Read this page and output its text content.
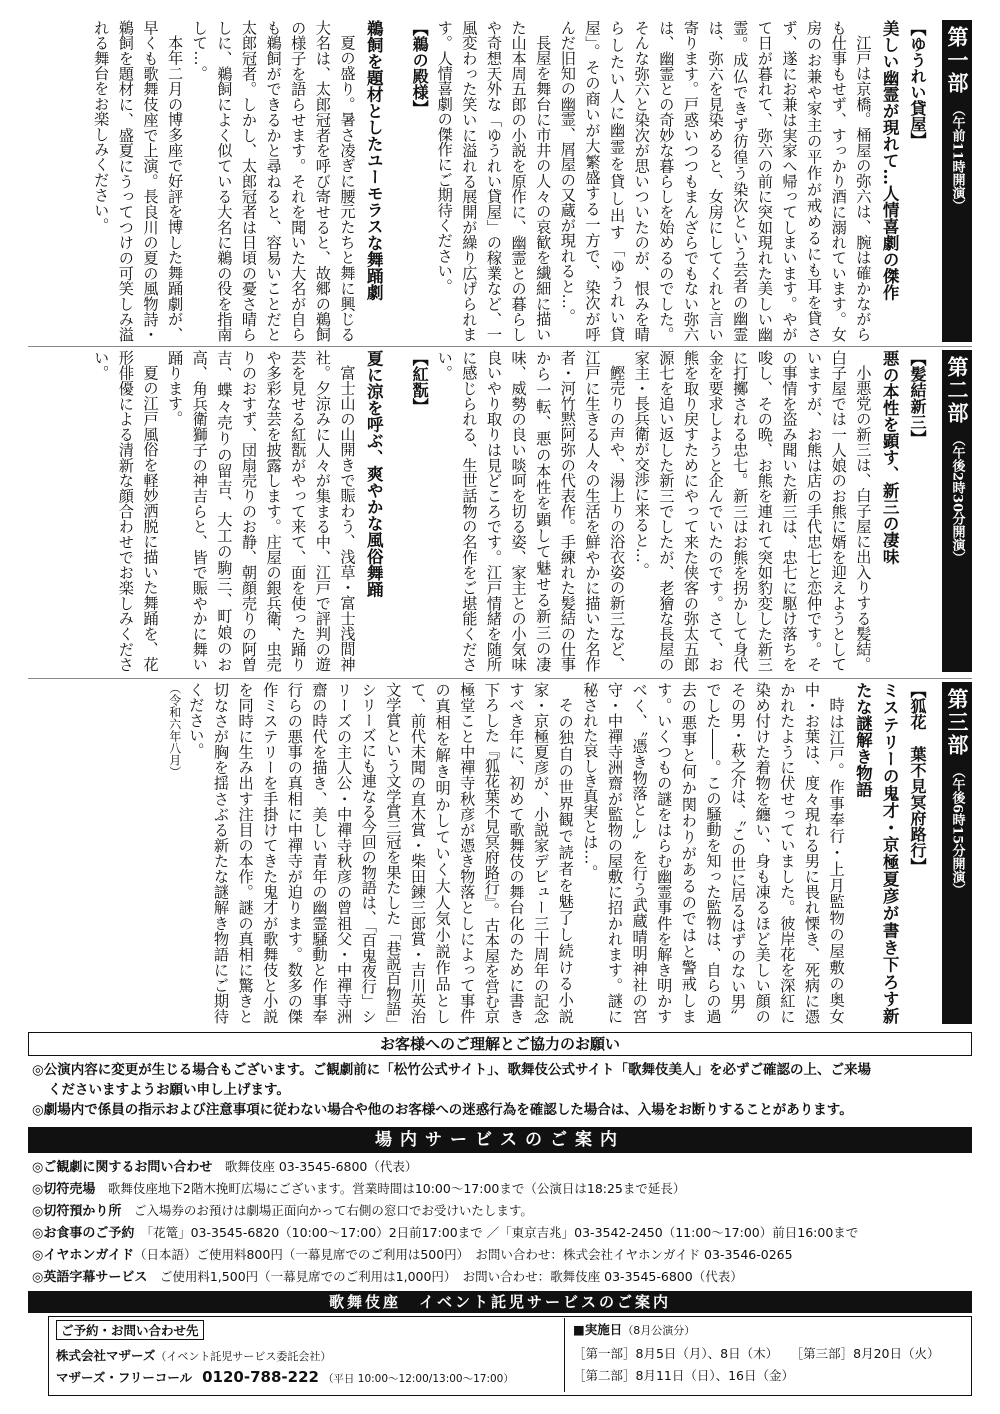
第一部
（午前11時開演）

【ゆうれい貸屋】

美しい幽霊が現れて…人情喜劇の傑作

江戸は京橋。桶屋の弥六は、腕は確かながらも仕事もせず、すっかり酒に溺れています。女房のお兼や家主の平作が戒めるにも耳を貸さず、遂にお兼は実家へ帰ってしまいます。やがて日が暮れて、弥六の前に突如現れた美しい幽霊。成仏できず彷徨う染次という芸者の幽霊は、弥六を見染めると、女房にしてくれと言い寄ります。戸惑いつつもまんざらでもない弥六は、幽霊との奇妙な暮らしを始めるのでした。そんな弥六と染次が思いついたのが、恨みを晴らしたい人に幽霊を貸し出す「ゆうれい貸屋」。その商いが大繁盛する一方で、染次が呼んだ旧知の幽霊、屑屋の又蔵が現れると…。

長屋を舞台に市井の人々の哀歓を繊細に描いた山本周五郎の小説を原作に、幽霊との暮らしや奇想天外な「ゆうれい貸屋」の稼業など、一風変わった笑いに溢れる展開が繰り広げられます。人情喜劇の傑作にご期待ください。

【鵜の殿様】

鵜飼を題材としたユーモラスな舞踊劇

夏の盛り。暑さ凌ぎに腰元たちと舞に興じる大名は、太郎冠者を呼び寄せると、故郷の鵜飼の様子を語らせます。それを聞いた大名が自らも鵜飼ができるかと尋ねると、容易いことだと太郎冠者。しかし、太郎冠者は日頃の憂さ晴らしに、鵜飼によく似ている大名に鵜の役を指南して…。

本年二月の博多座で好評を博した舞踊劇が、早くも歌舞伎座で上演。長良川の夏の風物詩・鵜飼を題材に、盛夏にうってつけの可笑しみ溢れる舞台をお楽しみください。

第二部
（午後2時30分開演）

【髪結新三】

悪の本性を顕す、新三の凄味

小悪党の新三は、白子屋に出入りする髪結。白子屋では一人娘のお熊に婿を迎えようとしていますが、お熊は店の手代忠七と恋仲です。その事情を盗み聞いた新三は、忠七に駆け落ちを唆し、その晩、お熊を連れて突如豹変した新三に打擲される忠七。新三はお熊を拐かして身代金を要求しようと企んでいたのです。さて、お熊を取り戻すためにやって来た侠客の弥太五郎源七を追い返した新三でしたが、老獪な長屋の家主・長兵衛が交渉に来ると…。

鰹売りの声や、湯上りの浴衣姿の新三など、江戸に生きる人々の生活を鮮やかに描いた名作者・河竹黙阿弥の代表作。手練れた髪結の仕事から一転、悪の本性を顕して魅せる新三の凄味、威勢の良い啖呵を切る姿、家主との小気味良いやり取りは見どころです。江戸情緒を随所に感じられる、生世話物の名作をご堪能ください。

【紅翫】

夏に涼を呼ぶ、爽やかな風俗舞踊

富士山の山開きで賑わう、浅草・富士浅間神社。夕涼みに人々が集まる中、江戸で評判の遊芸を見せる紅翫がやって来て、面を使った踊りや多彩な芸を披露します。庄屋の銀兵衛、虫売りのおすず、団扇売りのお静、朝顔売りの阿曽吉、蝶々売りの留吉、大工の駒三、町娘のお高、角兵衛獅子の神吉らと、皆で賑やかに舞い踊ります。

夏の江戸風俗を軽妙洒脱に描いた舞踊を、花形俳優による清新な顔合わせでお楽しみください。

第三部
（午後6時15分開演）

【狐花　葉不見冥府路行】

ミステリーの鬼才・京極夏彦が書き下ろす新たな謎解き物語

時は江戸。作事奉行・上月監物の屋敷の奥女中・お葉は、度々現れる男に畏れ慄き、死病に憑かれたように伏せっていました。彼岸花を深紅に染め付けた着物を纏い、身も凍るほど美しい顔のその男・萩之介は、〝この世に居るはずのない男〟でした――。この騒動を知った監物は、自らの過去の悪事と何か関わりがあるのではと警戒します。いくつもの謎をはらむ幽霊事件を解き明かすべく、〝憑き物落とし〟を行う武蔵晴明神社の宮守・中禪寺洲齋が監物の屋敷に招かれます。謎に秘された哀しき真実とは…。

その独自の世界観で読者を魅了し続ける小説家・京極夏彦が、小説家デビュー三十周年の記念すべき年に、初めて歌舞伎の舞台化のために書き下ろした『狐花葉不見冥府路行』。古本屋を営む京極堂こと中禪寺秋彦が憑き物落としによって事件の真相を解き明かしていく大人気小説作品として、前代未聞の直木賞・柴田錬三郎賞・吉川英治文学賞という文学賞三冠を果たした「巷説百物語」シリーズにも連なる今回の物語は、「百鬼夜行」シリーズの主人公・中禪寺秋彦の曾祖父・中禪寺洲齋の時代を描き、美しい青年の幽霊騒動と作事奉行らの悪事の真相に中禪寺が迫ります。数多の傑作ミステリーを手掛けてきた鬼才が歌舞伎と小説を同時に生み出す注目の本作。謎の真相に驚きと切なさが胸を揺さぶる新たな謎解き物語にご期待ください。

（令和六年八月）

お客様へのご理解とご協力のお願い
◎公演内容に変更が生じる場合もございます。ご観劇前に「松竹公式サイト」、歌舞伎公式サイト「歌舞伎美人」を必ずご確認の上、ご来場
くださいますようお願い申し上げます。
◎劇場内で係員の指示および注意事項に従わない場合や他のお客様への迷惑行為を確認した場合は、入場をお断りすることがあります。
場内サービスのご案内
◎ご観劇に関するお問い合わせ　 歌舞伎座 03-3545-6800（代表）
◎切符売場　 歌舞伎座地下2階木挽町広場にございます。営業時間は10:00～17:00まで（公演日は18:25まで延長）
◎切符預かり所　 ご入場券のお預けは劇場正面向かって右側の窓口でお受けいたします。
◎お食事のご予約　 「花篭」03-3545-6820（10:00～17:00）2日前17:00まで ／「東京吉兆」03-3542-2450（11:00～17:00）前日16:00まで
◎イヤホンガイド（日本語）ご使用料800円（一幕見席でのご利用は500円）　お問い合わせ：株式会社イヤホンガイド 03-3546-0265
◎英語字幕サービス　 ご使用料1,500円（一幕見席でのご利用は1,000円）　お問い合わせ：歌舞伎座 03-3545-6800（代表）
歌舞伎座　イベント託児サービスのご案内
ご予約・お問い合わせ先
株式会社マザーズ（イベント託児サービス委託会社）
マザーズ・フリーコール 0120-788-222 （平日 10:00～12:00/13:00～17:00）
■実施日（8月公演分）
［第一部］8月5日（月）、8日（木）　　 ［第三部］8月20日（火）
［第二部］8月11日（日）、16日（金）
